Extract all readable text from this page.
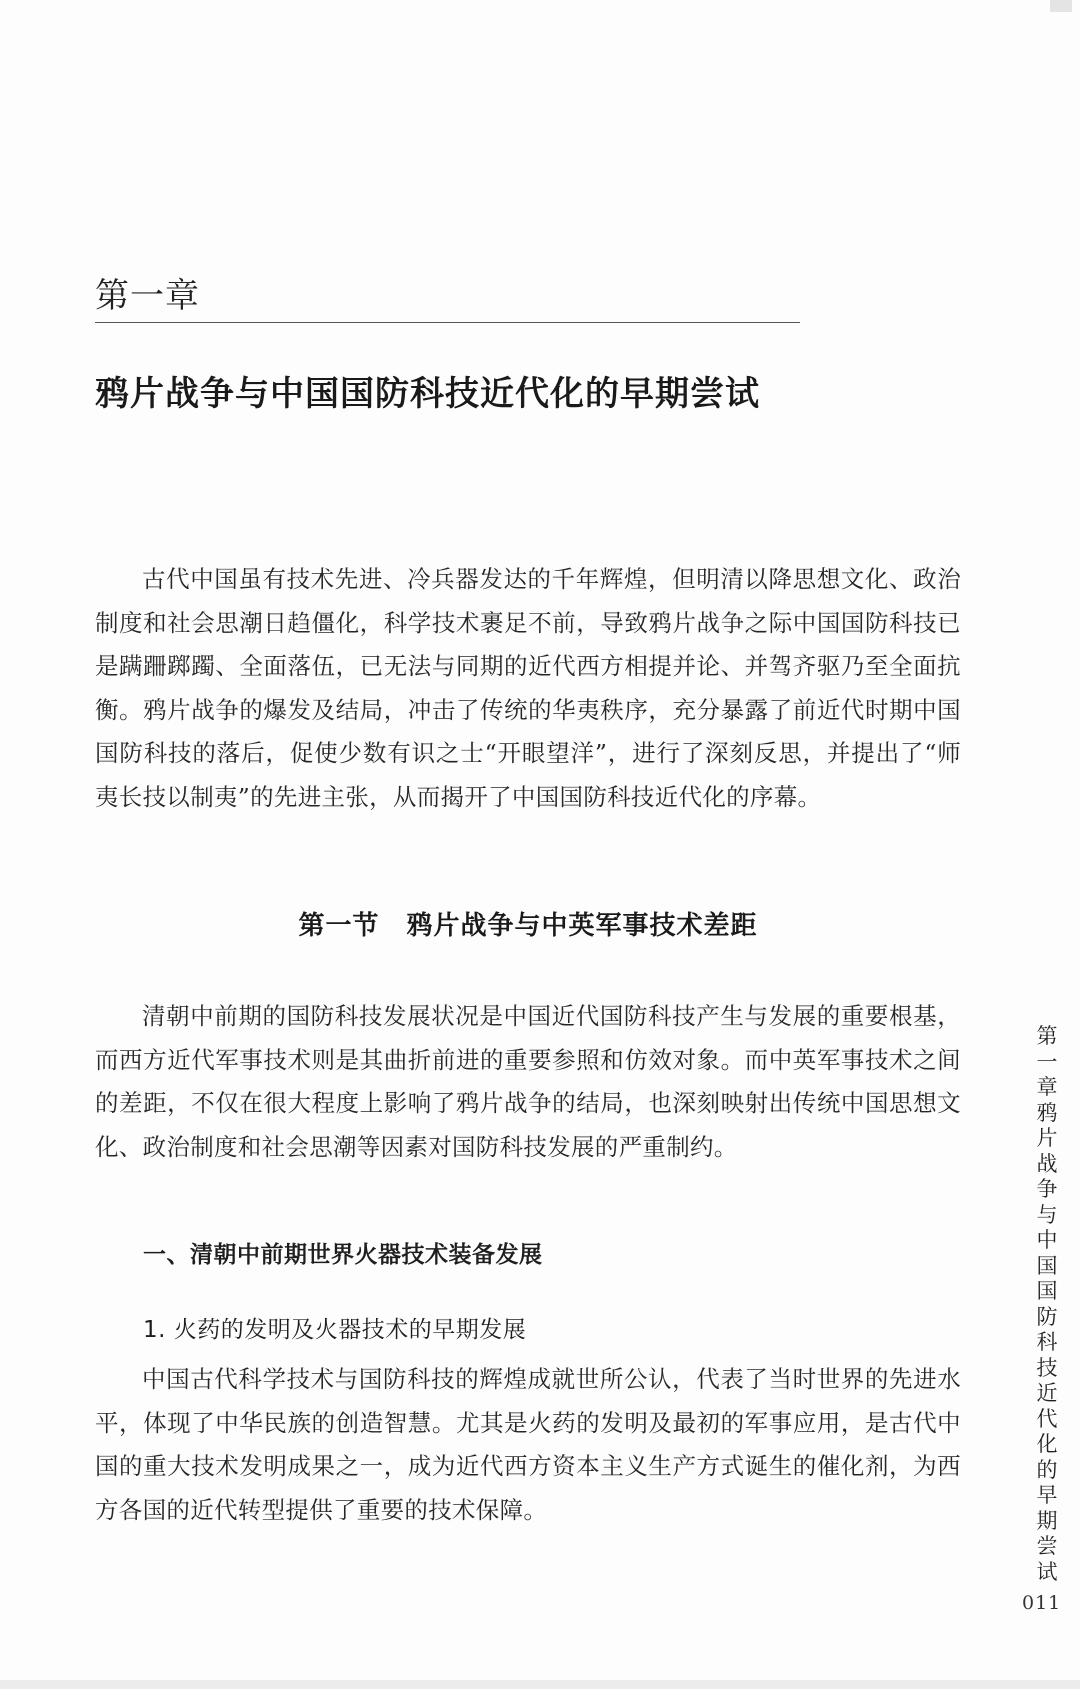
第一章
鸦片战争与中国国防科技近代化的早期尝试

古代中国虽有技术先进、冷兵器发达的千年辉煌，但明清以降思想文化、政治制度和社会思潮日趋僵化，科学技术裹足不前，导致鸦片战争之际中国国防科技已是蹒跚踯躅、全面落伍，已无法与同期的近代西方相提并论、并驾齐驱乃至全面抗衡。鸦片战争的爆发及结局，冲击了传统的华夷秩序，充分暴露了前近代时期中国国防科技的落后，促使少数有识之士“开眼望洋”，进行了深刻反思，并提出了“师夷长技以制夷”的先进主张，从而揭开了中国国防科技近代化的序幕。

第一节　鸦片战争与中英军事技术差距

清朝中前期的国防科技发展状况是中国近代国防科技产生与发展的重要根基，而西方近代军事技术则是其曲折前进的重要参照和仿效对象。而中英军事技术之间的差距，不仅在很大程度上影响了鸦片战争的结局，也深刻映射出传统中国思想文化、政治制度和社会思潮等因素对国防科技发展的严重制约。

一、清朝中前期世界火器技术装备发展
1. 火药的发明及火器技术的早期发展

中国古代科学技术与国防科技的辉煌成就世所公认，代表了当时世界的先进水平，体现了中华民族的创造智慧。尤其是火药的发明及最初的军事应用，是古代中国的重大技术发明成果之一，成为近代西方资本主义生产方式诞生的催化剂，为西方各国的近代转型提供了重要的技术保障。

第一章　鸦片战争与中国国防科技近代化的早期尝试
011
